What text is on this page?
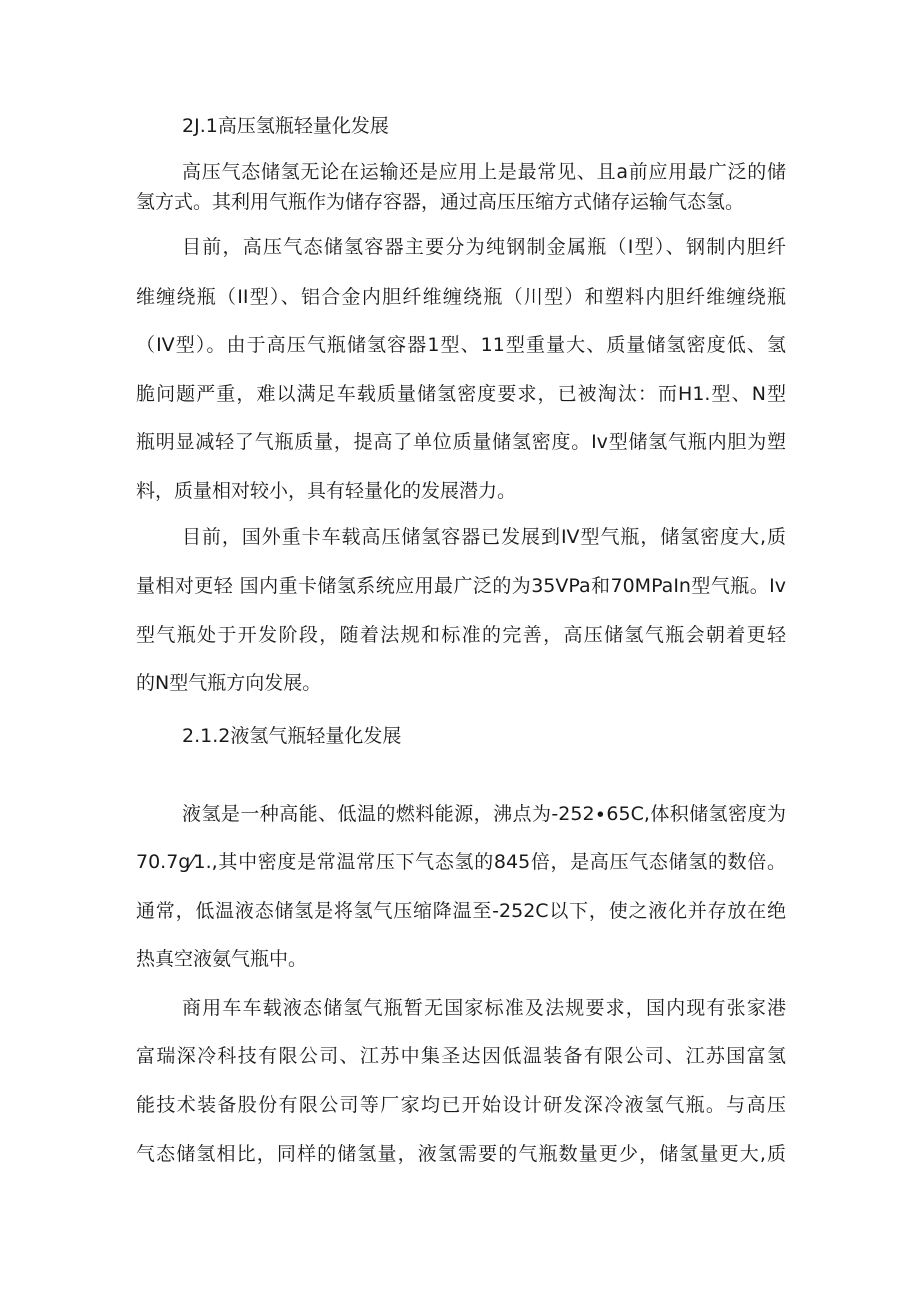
2J.1高压氢瓶轻量化发展
高压气态储氢无论在运输还是应用上是最常见、且a前应用最广泛的储
氢方式。其利用气瓶作为储存容器，通过高压压缩方式储存运输气态氢。
目前，高压气态储氢容器主要分为纯钢制金属瓶（I型）、钢制内胆纤
维缠绕瓶（II型）、铝合金内胆纤维缠绕瓶（川型）和塑料内胆纤维缠绕瓶
（IV型）。由于高压气瓶储氢容器1型、11型重量大、质量储氢密度低、氢
脆问题严重，难以满足车载质量储氢密度要求，已被淘汰：而H1.型、N型
瓶明显减轻了气瓶质量，提高了单位质量储氢密度。Iv型储氢气瓶内胆为塑
料，质量相对较小，具有轻量化的发展潜力。
目前，国外重卡车载高压储氢容器已发展到IV型气瓶，储氢密度大,质
量相对更轻 国内重卡储氢系统应用最广泛的为35VPa和70MPaIn型气瓶。Iv
型气瓶处于开发阶段，随着法规和标准的完善，高压储氢气瓶会朝着更轻
的N型气瓶方向发展。
2.1.2液氢气瓶轻量化发展
液氢是一种高能、低温的燃料能源，沸点为-252∙65C,体积储氢密度为
70.7g⁄1.,其中密度是常温常压下气态氢的845倍，是高压气态储氢的数倍。
通常，低温液态储氢是将氢气压缩降温至-252C以下，使之液化并存放在绝
热真空液氨气瓶中。
商用车车载液态储氢气瓶暂无国家标准及法规要求，国内现有张家港
富瑞深冷科技有限公司、江苏中集圣达因低温装备有限公司、江苏国富氢
能技术装备股份有限公司等厂家均已开始设计研发深冷液氢气瓶。与高压
气态储氢相比，同样的储氢量，液氢需要的气瓶数量更少，储氢量更大,质
